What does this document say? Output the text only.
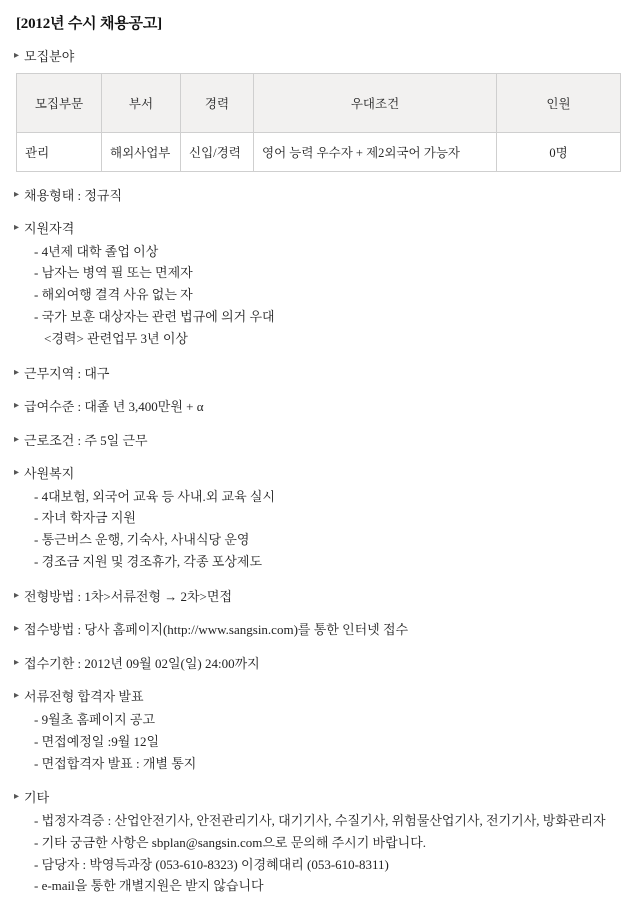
[2012년 수시 채용공고]
▸ 모집분야
모집부문	부서	경력	우대조건	인원
관리	해외사업부	신입/경력	영어 능력 우수자 + 제2외국어 가능자	0명
▸ 채용형태 : 정규직
▸ 지원자격
- 4년제 대학 졸업 이상
- 남자는 병역 필 또는 면제자
- 해외여행 결격 사유 없는 자
- 국가 보훈 대상자는 관련 법규에 의거 우대
<경력> 관련업무 3년 이상
▸ 근무지역 : 대구
▸ 급여수준 : 대졸 년 3,400만원 + α
▸ 근로조건 : 주 5일 근무
▸ 사원복지
- 4대보험, 외국어 교육 등 사내.외 교육 실시
- 자녀 학자금 지원
- 통근버스 운행, 기숙사, 사내식당 운영
- 경조금 지원 및 경조휴가, 각종 포상제도
▸ 전형방법 : 1차>서류전형 → 2차>면접
▸ 접수방법 : 당사 홈페이지(http://www.sangsin.com)를 통한 인터넷 접수
▸ 접수기한 : 2012년 09월 02일(일) 24:00까지
▸ 서류전형 합격자 발표
- 9월초 홈페이지 공고
- 면접예정일 :9월 12일
- 면접합격자 발표 : 개별 통지
▸ 기타
- 법정자격증 : 산업안전기사, 안전관리기사, 대기기사, 수질기사, 위험물산업기사, 전기기사, 방화관리자
- 기타 궁금한 사항은 sbplan@sangsin.com으로 문의해 주시기 바랍니다.
- 담당자 : 박영득과장 (053-610-8323) 이경혜대리 (053-610-8311)
- e-mail을 통한 개별지원은 받지 않습니다
